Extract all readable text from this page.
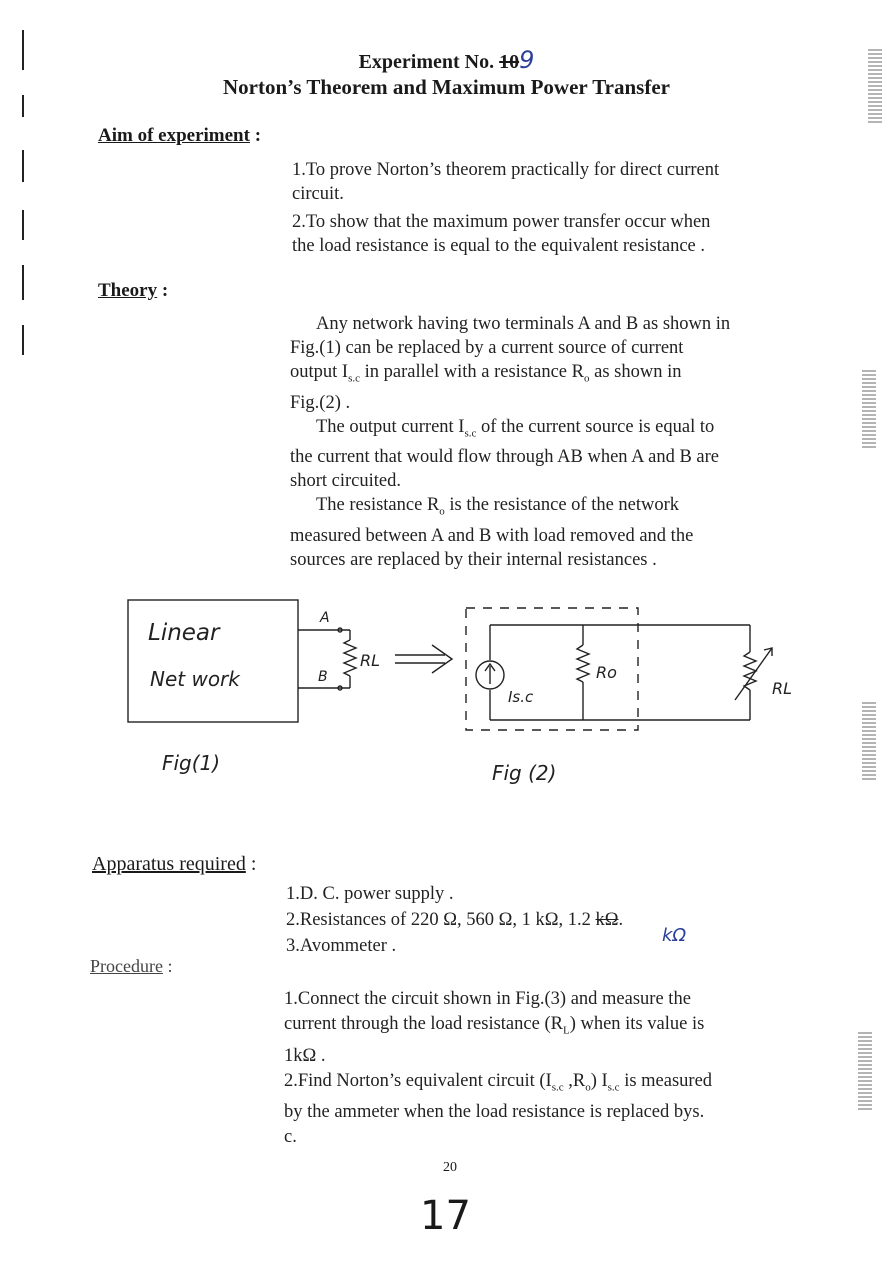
Experiment No. 109
Norton’s Theorem and Maximum Power Transfer
Aim of experiment :
1.To prove Norton’s theorem practically for direct current
circuit.
2.To show that the maximum power transfer occur when
the load resistance is equal to the equivalent resistance .
Theory :
Any network having two terminals A and B as shown in
Fig.(1) can be replaced by a current source of current
output $I_{s.c}$ in parallel with a resistance $R_o$ as shown in
Fig.(2) .
The output current $I_{s.c}$ of the current source is equal to
the current that would flow through AB when A and B are
short circuited.
The resistance $R_o$ is the resistance of the network
measured between A and B with load removed and the
sources are replaced by their internal resistances .
Linear
Net work
A
B
RL
Fig(1)
Is.c
Ro
RL
Fig (2)
Apparatus required :
1.D. C. power supply .
2.Resistances of 220 Ω, 560 Ω, 1 kΩ, 1.2 kΩ.
kΩ
3.Avommeter .
Procedure :
1.Connect the circuit shown in Fig.(3) and measure the
current through the load resistance $(R_L)$ when its value is
1kΩ .
2.Find Norton’s equivalent circuit ($I_{s.c}$ $,R_o$) $I_{s.c}$ is measured
by the ammeter when the load resistance is replaced bys.
c.
20
17
